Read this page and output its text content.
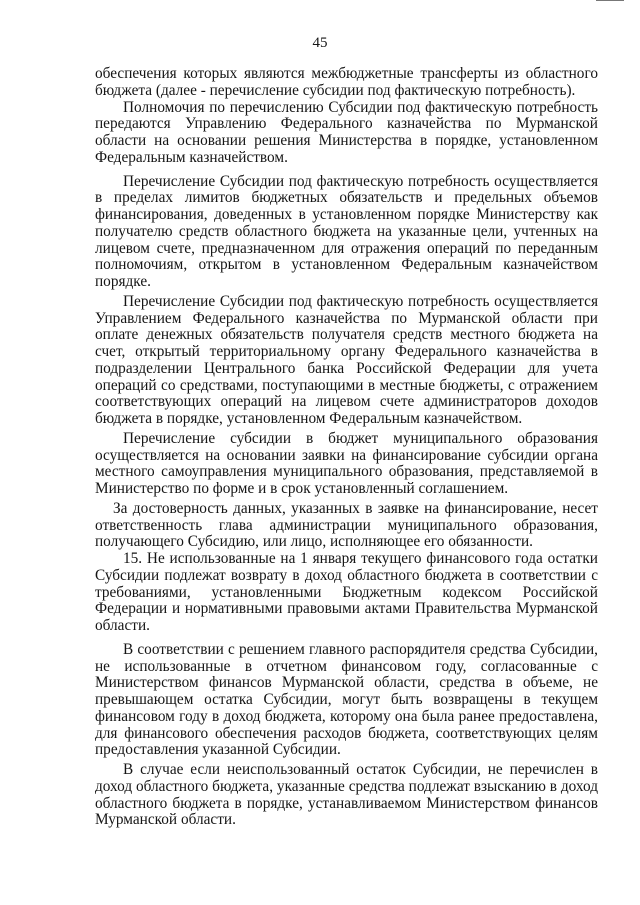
45

обеспечения которых являются межбюджетные трансферты из областного бюджета (далее - перечисление субсидии под фактическую потребность).

Полномочия по перечислению Субсидии под фактическую потребность передаются Управлению Федерального казначейства по Мурманской области на основании решения Министерства в порядке, установленном Федеральным казначейством.

Перечисление Субсидии под фактическую потребность осуществляется в пределах лимитов бюджетных обязательств и предельных объемов финансирования, доведенных в установленном порядке Министерству как получателю средств областного бюджета на указанные цели, учтенных на лицевом счете, предназначенном для отражения операций по переданным полномочиям, открытом в установленном Федеральным казначейством порядке.

Перечисление Субсидии под фактическую потребность осуществляется Управлением Федерального казначейства по Мурманской области при оплате денежных обязательств получателя средств местного бюджета на счет, открытый территориальному органу Федерального казначейства в подразделении Центрального банка Российской Федерации для учета операций со средствами, поступающими в местные бюджеты, с отражением соответствующих операций на лицевом счете администраторов доходов бюджета в порядке, установленном Федеральным казначейством.

Перечисление субсидии в бюджет муниципального образования осуществляется на основании заявки на финансирование субсидии органа местного самоуправления муниципального образования, представляемой в Министерство по форме и в срок установленный соглашением.

За достоверность данных, указанных в заявке на финансирование, несет ответственность глава администрации муниципального образования, получающего Субсидию, или лицо, исполняющее его обязанности.

15. Не использованные на 1 января текущего финансового года остатки Субсидии подлежат возврату в доход областного бюджета в соответствии с требованиями, установленными Бюджетным кодексом Российской Федерации и нормативными правовыми актами Правительства Мурманской области.

В соответствии с решением главного распорядителя средства Субсидии, не использованные в отчетном финансовом году, согласованные с Министерством финансов Мурманской области, средства в объеме, не превышающем остатка Субсидии, могут быть возвращены в текущем финансовом году в доход бюджета, которому она была ранее предоставлена, для финансового обеспечения расходов бюджета, соответствующих целям предоставления указанной Субсидии.

В случае если неиспользованный остаток Субсидии, не перечислен в доход областного бюджета, указанные средства подлежат взысканию в доход областного бюджета в порядке, устанавливаемом Министерством финансов Мурманской области.
